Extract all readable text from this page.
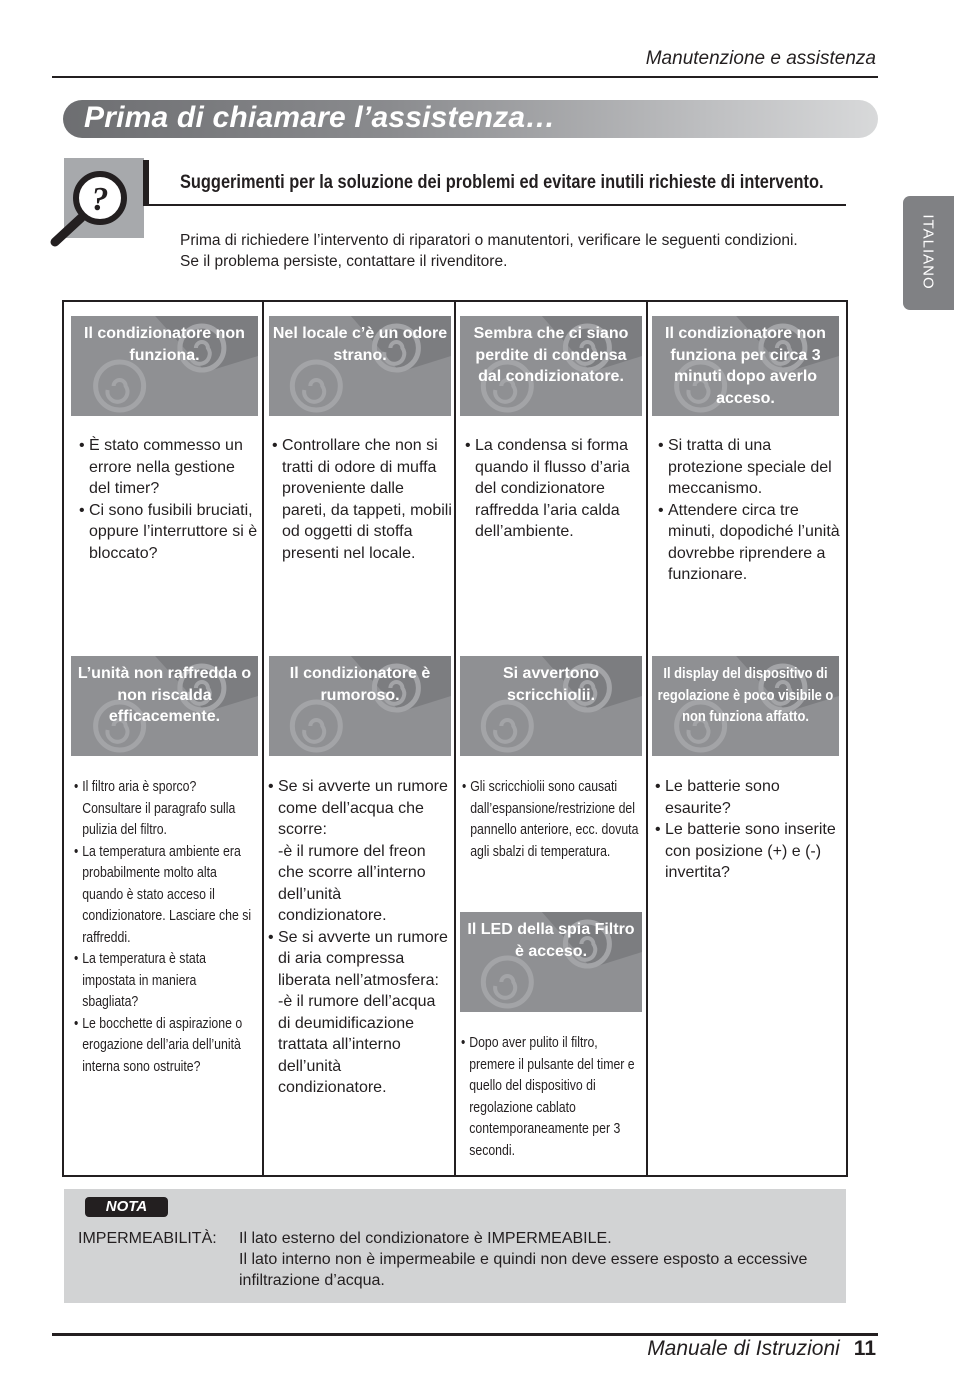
Manutenzione e assistenza
Prima di chiamare l’assistenza…
ITALIANO
?	Suggerimenti per la soluzione dei problemi ed evitare inutili richieste di intervento.
Prima di richiedere l’intervento di riparatori o manutentori, verificare le seguenti condizioni.
Se il problema persiste, contattare il rivenditore.
Il condizionatore non funziona.
• È stato commesso un errore nella gestione del timer?
• Ci sono fusibili bruciati, oppure l’interruttore si è bloccato?
Nel locale c’è un odore strano.
• Controllare che non si tratti di odore di muffa proveniente dalle pareti, da tappeti, mobili od oggetti di stoffa presenti nel locale.
Sembra che ci siano perdite di condensa dal condizionatore.
• La condensa si forma quando il flusso d’aria del condizionatore raffredda l’aria calda dell’ambiente.
Il condizionatore non funziona per circa 3 minuti dopo averlo acceso.
• Si tratta di una protezione speciale del meccanismo.
• Attendere circa tre minuti, dopodiché l’unità dovrebbe riprendere a funzionare.
L’unità non raffredda o non riscalda efficacemente.
• Il filtro aria è sporco?Consultare il paragrafo sulla pulizia del filtro.
• La temperatura ambiente era probabilmente molto alta quando è stato acceso il condizionatore. Lasciare che si raffreddi.
• La temperatura è stata impostata in maniera sbagliata?
• Le bocchette di aspirazione o erogazione dell’aria dell’unità interna sono ostruite?
Il condizionatore è rumoroso.
• Se si avverte un rumore come dell’acqua che scorre:
-è il rumore del freon che scorre all’interno dell’unità condizionatore.
• Se si avverte un rumore di aria compressa liberata nell’atmosfera:
-è il rumore dell’acqua di deumidificazione trattata all’interno dell’unità condizionatore.
Si avvertono scricchiolii.
• Gli scricchiolii sono causati dall’espansione/restrizione del pannello anteriore, ecc. dovuta agli sbalzi di temperatura.
Il LED della spia Filtro è acceso.
• Dopo aver pulito il filtro, premere il pulsante del timer e quello del dispositivo di regolazione cablato contemporaneamente per 3 secondi.
Il display del dispositivo di regolazione è poco visibile o non funziona affatto.
• Le batterie sono esaurite?
• Le batterie sono inserite con posizione (+) e (-) invertita?
NOTA
IMPERMEABILITÀ: Il lato esterno del condizionatore è IMPERMEABILE.
Il lato interno non è impermeabile e quindi non deve essere esposto a eccessive infiltrazione d’acqua.
Manuale di Istruzioni 11
